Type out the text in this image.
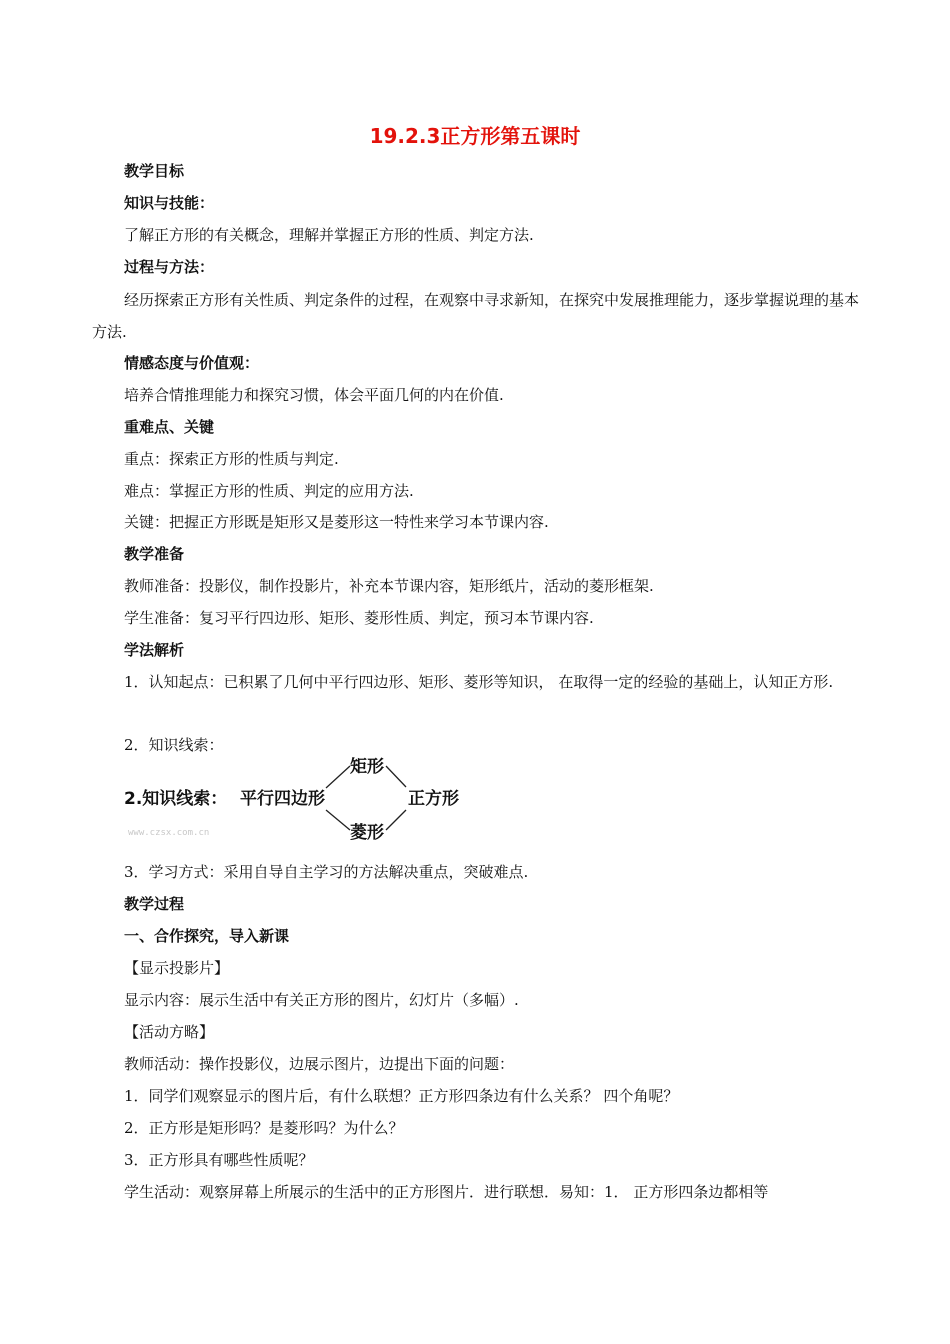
19.2.3正方形第五课时
教学目标
知识与技能：
了解正方形的有关概念，理解并掌握正方形的性质、判定方法.
过程与方法：
经历探索正方形有关性质、判定条件的过程，在观察中寻求新知，在探究中发展推理能力，逐步掌握说理的基本方法.
情感态度与价值观：
培养合情推理能力和探究习惯，体会平面几何的内在价值.
重难点、关键
重点：探索正方形的性质与判定.
难点：掌握正方形的性质、判定的应用方法.
关键：把握正方形既是矩形又是菱形这一特性来学习本节课内容.
教学准备
教师准备：投影仪，制作投影片，补充本节课内容，矩形纸片，活动的菱形框架.
学生准备：复习平行四边形、矩形、菱形性质、判定，预习本节课内容.
学法解析
1．认知起点：已积累了几何中平行四边形、矩形、菱形等知识， 在取得一定的经验的基础上，认知正方形.
2．知识线索：
2.知识线索： 平行四边形
矩形
菱形
正方形
www.czsx.com.cn
3．学习方式：采用自导自主学习的方法解决重点，突破难点.
教学过程
一、合作探究，导入新课
【显示投影片】
显示内容：展示生活中有关正方形的图片，幻灯片（多幅）.
【活动方略】
教师活动：操作投影仪，边展示图片，边提出下面的问题：
1．同学们观察显示的图片后，有什么联想？正方形四条边有什么关系？ 四个角呢？
2．正方形是矩形吗？是菱形吗？为什么？
3．正方形具有哪些性质呢？
学生活动：观察屏幕上所展示的生活中的正方形图片．进行联想．易知：1． 正方形四条边都相等
